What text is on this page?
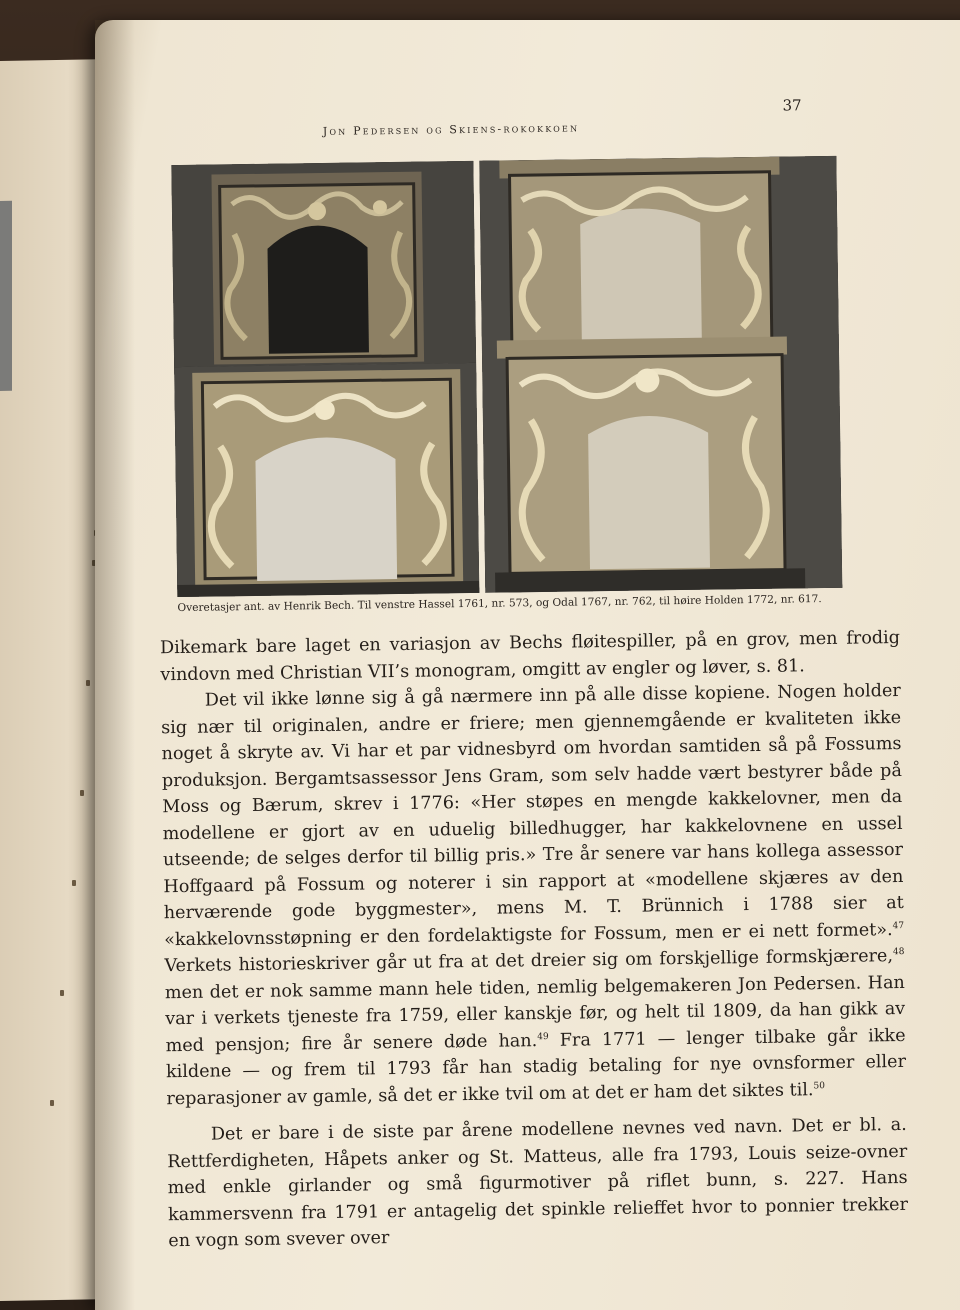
37
Jon Pedersen og Skiens-rokokkoen
Overetasjer ant. av Henrik Bech. Til venstre Hassel 1761, nr. 573, og Odal 1767, nr. 762, til høire Holden 1772, nr. 617.

Dikemark bare laget en variasjon av Bechs fløitespiller, på en grov, men frodig vindovn med Christian VII’s monogram, omgitt av engler og løver, s. 81.

Det vil ikke lønne sig å gå nærmere inn på alle disse kopiene. Nogen holder sig nær til originalen, andre er friere; men gjennemgående er kvaliteten ikke noget å skryte av. Vi har et par vidnesbyrd om hvordan samtiden så på Fossums produksjon. Bergamtsassessor Jens Gram, som selv hadde vært bestyrer både på Moss og Bærum, skrev i 1776: «Her støpes en mengde kakkelovner, men da modellene er gjort av en uduelig billedhugger, har kakkelovnene en ussel utseende; de selges derfor til billig pris.» Tre år senere var hans kollega assessor Hoffgaard på Fossum og noterer i sin rapport at «modellene skjæres av den herværende gode byggmester», mens M. T. Brünnich i 1788 sier at «kakkelovnsstøpning er den fordelaktigste for Fossum, men er ei nett formet».$^{47}$ Verkets historieskriver går ut fra at det dreier sig om forskjellige formskjærere,$^{48}$ men det er nok samme mann hele tiden, nemlig belgemakeren Jon Pedersen. Han var i verkets tjeneste fra 1759, eller kanskje før, og helt til 1809, da han gikk av med pensjon; fire år senere døde han.$^{49}$ Fra 1771 — lenger tilbake går ikke kildene — og frem til 1793 får han stadig betaling for nye ovnsformer eller reparasjoner av gamle, så det er ikke tvil om at det er ham det siktes til.$^{50}$

Det er bare i de siste par årene modellene nevnes ved navn. Det er bl. a. Rettferdigheten, Håpets anker og St. Matteus, alle fra 1793, Louis seize-ovner med enkle girlander og små figurmotiver på riflet bunn, s. 227. Hans kammersvenn fra 1791 er antagelig det spinkle relieffet hvor to ponnier trekker en vogn som svever over
